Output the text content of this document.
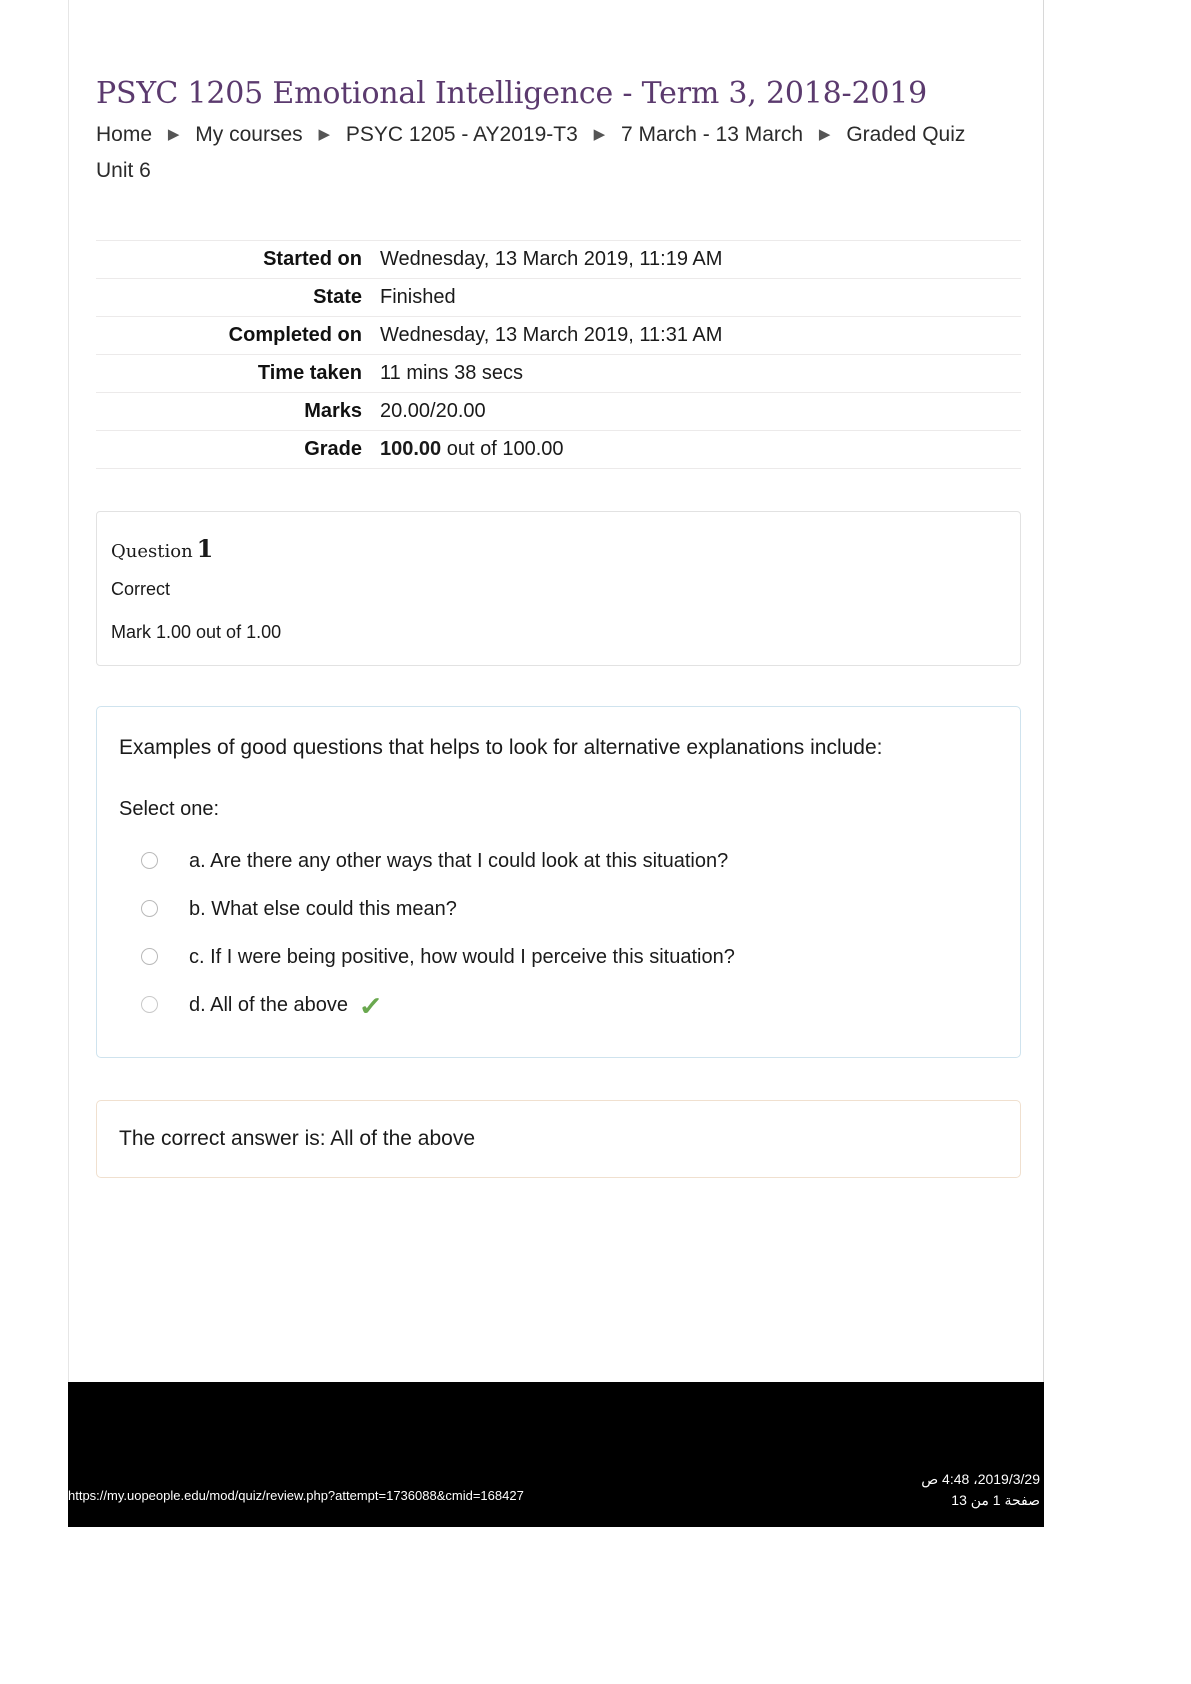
PSYC 1205 Emotional Intelligence - Term 3, 2018-2019
Home ▶ My courses ▶ PSYC 1205 - AY2019-T3 ▶ 7 March - 13 March ▶ Graded Quiz Unit 6
Started on	Wednesday, 13 March 2019, 11:19 AM
State	Finished
Completed on	Wednesday, 13 March 2019, 11:31 AM
Time taken	11 mins 38 secs
Marks	20.00/20.00
Grade	100.00 out of 100.00
Question 1
Correct
Mark 1.00 out of 1.00

Examples of good questions that helps to look for alternative explanations include:

Select one:
a. Are there any other ways that I could look at this situation?
b. What else could this mean?
c. If I were being positive, how would I perceive this situation?
d. All of the above ✓

The correct answer is: All of the above

https://my.uopeople.edu/mod/quiz/review.php?attempt=1736088&cmid=168427
2019/3/29، 4:48 ص
صفحة 1 من 13
